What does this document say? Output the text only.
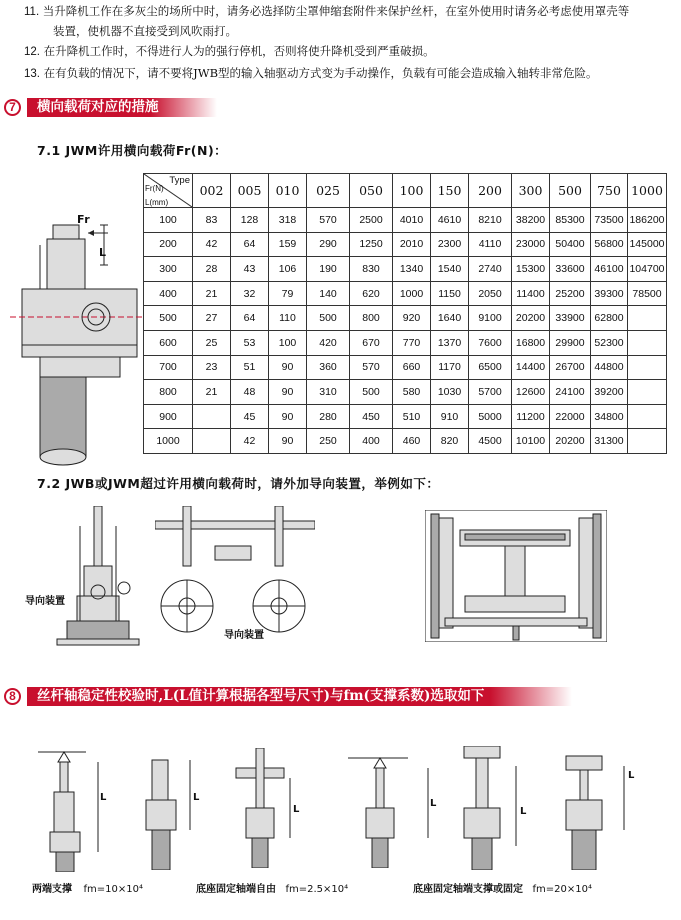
11. 当升降机工作在多灰尘的场所中时，请务必选择防尘罩伸缩套附件来保护丝杆，在室外使用时请务必考虑使用罩壳等
装置，使机器不直接受到风吹雨打。
12. 在升降机工作时，不得进行人为的强行停机，否则将使升降机受到严重破损。
13. 在有负载的情况下，请不要将JWB型的输入轴驱动方式变为手动操作，负载有可能会造成输入轴转非常危险。
7	横向载荷对应的措施
7.1 JWM许用横向载荷Fr(N)：
Fr
L
Type
Fr(N)
L(mm)	002	005	010	025	050	100	150	200	300	500	750	1000
100	83	128	318	570	2500	4010	4610	8210	38200	85300	73500	186200
200	42	64	159	290	1250	2010	2300	4110	23000	50400	56800	145000
300	28	43	106	190	830	1340	1540	2740	15300	33600	46100	104700
400	21	32	79	140	620	1000	1150	2050	11400	25200	39300	78500
500	27	64	110	500	800	920	1640	9100	20200	33900	62800	
600	25	53	100	420	670	770	1370	7600	16800	29900	52300	
700	23	51	90	360	570	660	1170	6500	14400	26700	44800	
800	21	48	90	310	500	580	1030	5700	12600	24100	39200	
900		45	90	280	450	510	910	5000	11200	22000	34800	
1000		42	90	250	400	460	820	4500	10100	20200	31300	
7.2 JWB或JWM超过许用横向载荷时，请外加导向装置，举例如下：
导向装置
导向装置
8	丝杆轴稳定性校验时,L(L值计算根据各型号尺寸)与fm(支撑系数)选取如下
L	L
L
L
L
L
两端支撑 fm=10×10⁴	底座固定轴端自由 fm=2.5×10⁴	底座固定轴端支撑或固定 fm=20×10⁴
